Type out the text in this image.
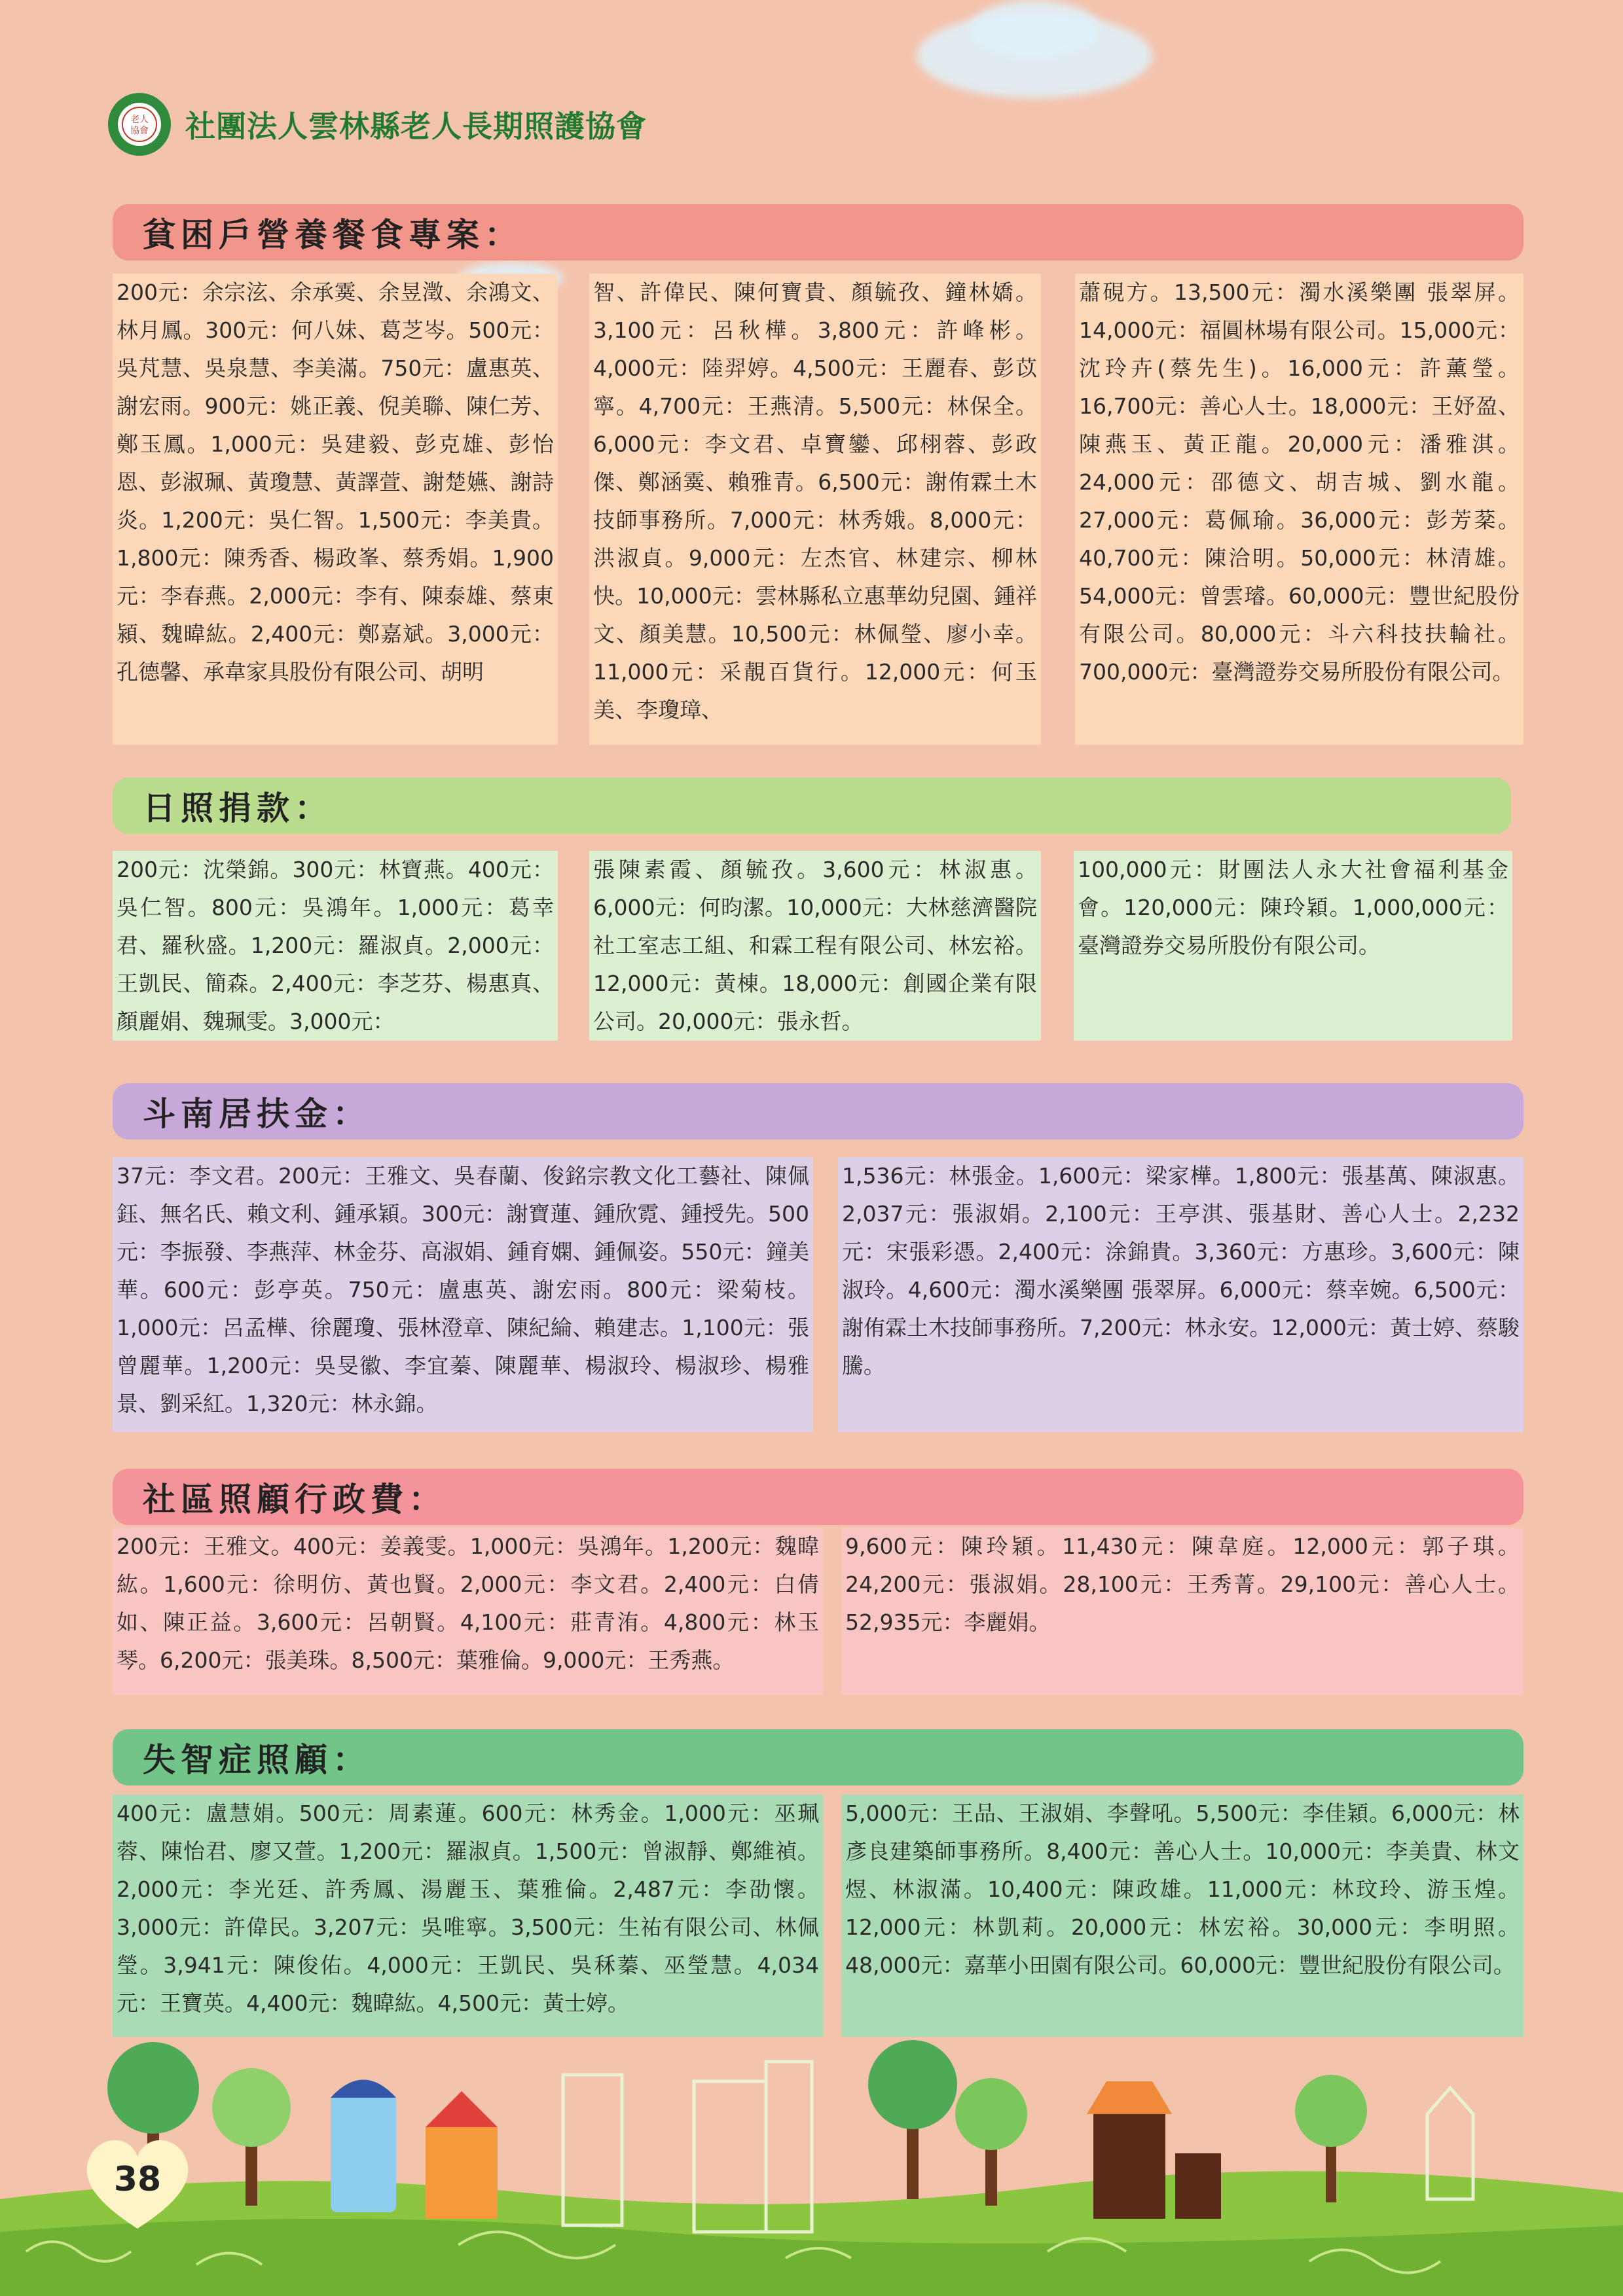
老人
協會 社團法人雲林縣老人長期照護協會
貧困戶營養餐食專案：
200元：余宗泫、余承霙、余昱澂、余鴻文、林月鳳。300元：何八妹、葛芝岑。500元：吳芃慧、吳泉慧、李美滿。750元：盧惠英、謝宏雨。900元：姚正義、倪美聯、陳仁芳、鄭玉鳳。1,000元：吳建毅、彭克雄、彭怡恩、彭淑珮、黃瓊慧、黃譯萱、謝楚嬿、謝詩炎。1,200元：吳仁智。1,500元：李美貴。1,800元：陳秀香、楊政峯、蔡秀娟。1,900元：李春燕。2,000元：李有、陳泰雄、蔡東潁、魏暐紘。2,400元：鄭嘉斌。3,000元：孔德馨、承韋家具股份有限公司、胡明
智、許偉民、陳何寶貴、顏毓孜、鐘林嬌。3,100元：呂秋樺。3,800元：許峰彬。4,000元：陸羿婷。4,500元：王麗春、彭苡寧。4,700元：王燕清。5,500元：林保全。6,000元：李文君、卓寶鑾、邱栩蓉、彭政傑、鄭涵霙、賴雅青。6,500元：謝侑霖土木技師事務所。7,000元：林秀娥。8,000元：洪淑貞。9,000元：左杰官、林建宗、柳林快。10,000元：雲林縣私立惠華幼兒園、鍾祥文、顏美慧。10,500元：林佩瑩、廖小幸。11,000元：采靚百貨行。12,000元：何玉美、李瓊璋、
蕭硯方。13,500元：濁水溪樂團 張翠屏。14,000元：福圓林場有限公司。15,000元：沈玲卉(蔡先生)。16,000元：許薰瑩。16,700元：善心人士。18,000元：王妤盈、陳燕玉、黃正龍。20,000元：潘雅淇。24,000元：邵德文、胡吉城、劉水龍。27,000元：葛佩瑜。36,000元：彭芳棻。40,700元：陳洽明。50,000元：林清雄。54,000元：曾雲璿。60,000元：豐世紀股份有限公司。80,000元：斗六科技扶輪社。700,000元：臺灣證券交易所股份有限公司。
日照捐款：
200元：沈榮錦。300元：林寶燕。400元：吳仁智。800元：吳鴻年。1,000元：葛幸君、羅秋盛。1,200元：羅淑貞。2,000元：王凱民、簡森。2,400元：李芝芬、楊惠真、顏麗娟、魏珮雯。3,000元：
張陳素霞、顏毓孜。3,600元：林淑惠。6,000元：何昀潔。10,000元：大林慈濟醫院社工室志工組、和霖工程有限公司、林宏裕。12,000元：黃棟。18,000元：創國企業有限公司。20,000元：張永哲。
100,000元：財團法人永大社會福利基金會。120,000元：陳玲穎。1,000,000元：臺灣證券交易所股份有限公司。
斗南居扶金：
37元：李文君。200元：王雅文、吳春蘭、俊銘宗教文化工藝社、陳佩鈺、無名氏、賴文利、鍾承穎。300元：謝寶蓮、鍾欣霓、鍾授先。500元：李振發、李燕萍、林金芬、高淑娟、鍾育嫻、鍾佩姿。550元：鐘美華。600元：彭亭英。750元：盧惠英、謝宏雨。800元：梁菊枝。1,000元：呂孟樺、徐麗瓊、張林澄章、陳紀綸、賴建志。1,100元：張曾麗華。1,200元：吳旻徽、李宜蓁、陳麗華、楊淑玲、楊淑珍、楊雅景、劉采紅。1,320元：林永錦。
1,536元：林張金。1,600元：梁家樺。1,800元：張基萬、陳淑惠。2,037元：張淑娟。2,100元：王亭淇、張基財、善心人士。2,232元：宋張彩憑。2,400元：涂錦貴。3,360元：方惠珍。3,600元：陳淑玲。4,600元：濁水溪樂團 張翠屏。6,000元：蔡幸婉。6,500元：謝侑霖土木技師事務所。7,200元：林永安。12,000元：黃士婷、蔡駿騰。
社區照顧行政費：
200元：王雅文。400元：姜義雯。1,000元：吳鴻年。1,200元：魏暐紘。1,600元：徐明仿、黃也賢。2,000元：李文君。2,400元：白倩如、陳正益。3,600元：呂朝賢。4,100元：莊青洧。4,800元：林玉琴。6,200元：張美珠。8,500元：葉雅倫。9,000元：王秀燕。
9,600元：陳玲穎。11,430元：陳韋庭。12,000元：郭子琪。24,200元：張淑娟。28,100元：王秀菁。29,100元：善心人士。52,935元：李麗娟。
失智症照顧：
400元：盧慧娟。500元：周素蓮。600元：林秀金。1,000元：巫珮蓉、陳怡君、廖又萱。1,200元：羅淑貞。1,500元：曾淑靜、鄭維禎。2,000元：李光廷、許秀鳳、湯麗玉、葉雅倫。2,487元：李劭懷。3,000元：許偉民。3,207元：吳唯寧。3,500元：生祐有限公司、林佩瑩。3,941元：陳俊佑。4,000元：王凱民、吳秝蓁、巫瑩慧。4,034元：王寶英。4,400元：魏暐紘。4,500元：黃士婷。
5,000元：王品、王淑娟、李聲吼。5,500元：李佳穎。6,000元：林彥良建築師事務所。8,400元：善心人士。10,000元：李美貴、林文煜、林淑滿。10,400元：陳政雄。11,000元：林玟玲、游玉煌。12,000元：林凱莉。20,000元：林宏裕。30,000元：李明照。48,000元：嘉華小田園有限公司。60,000元：豐世紀股份有限公司。
38
